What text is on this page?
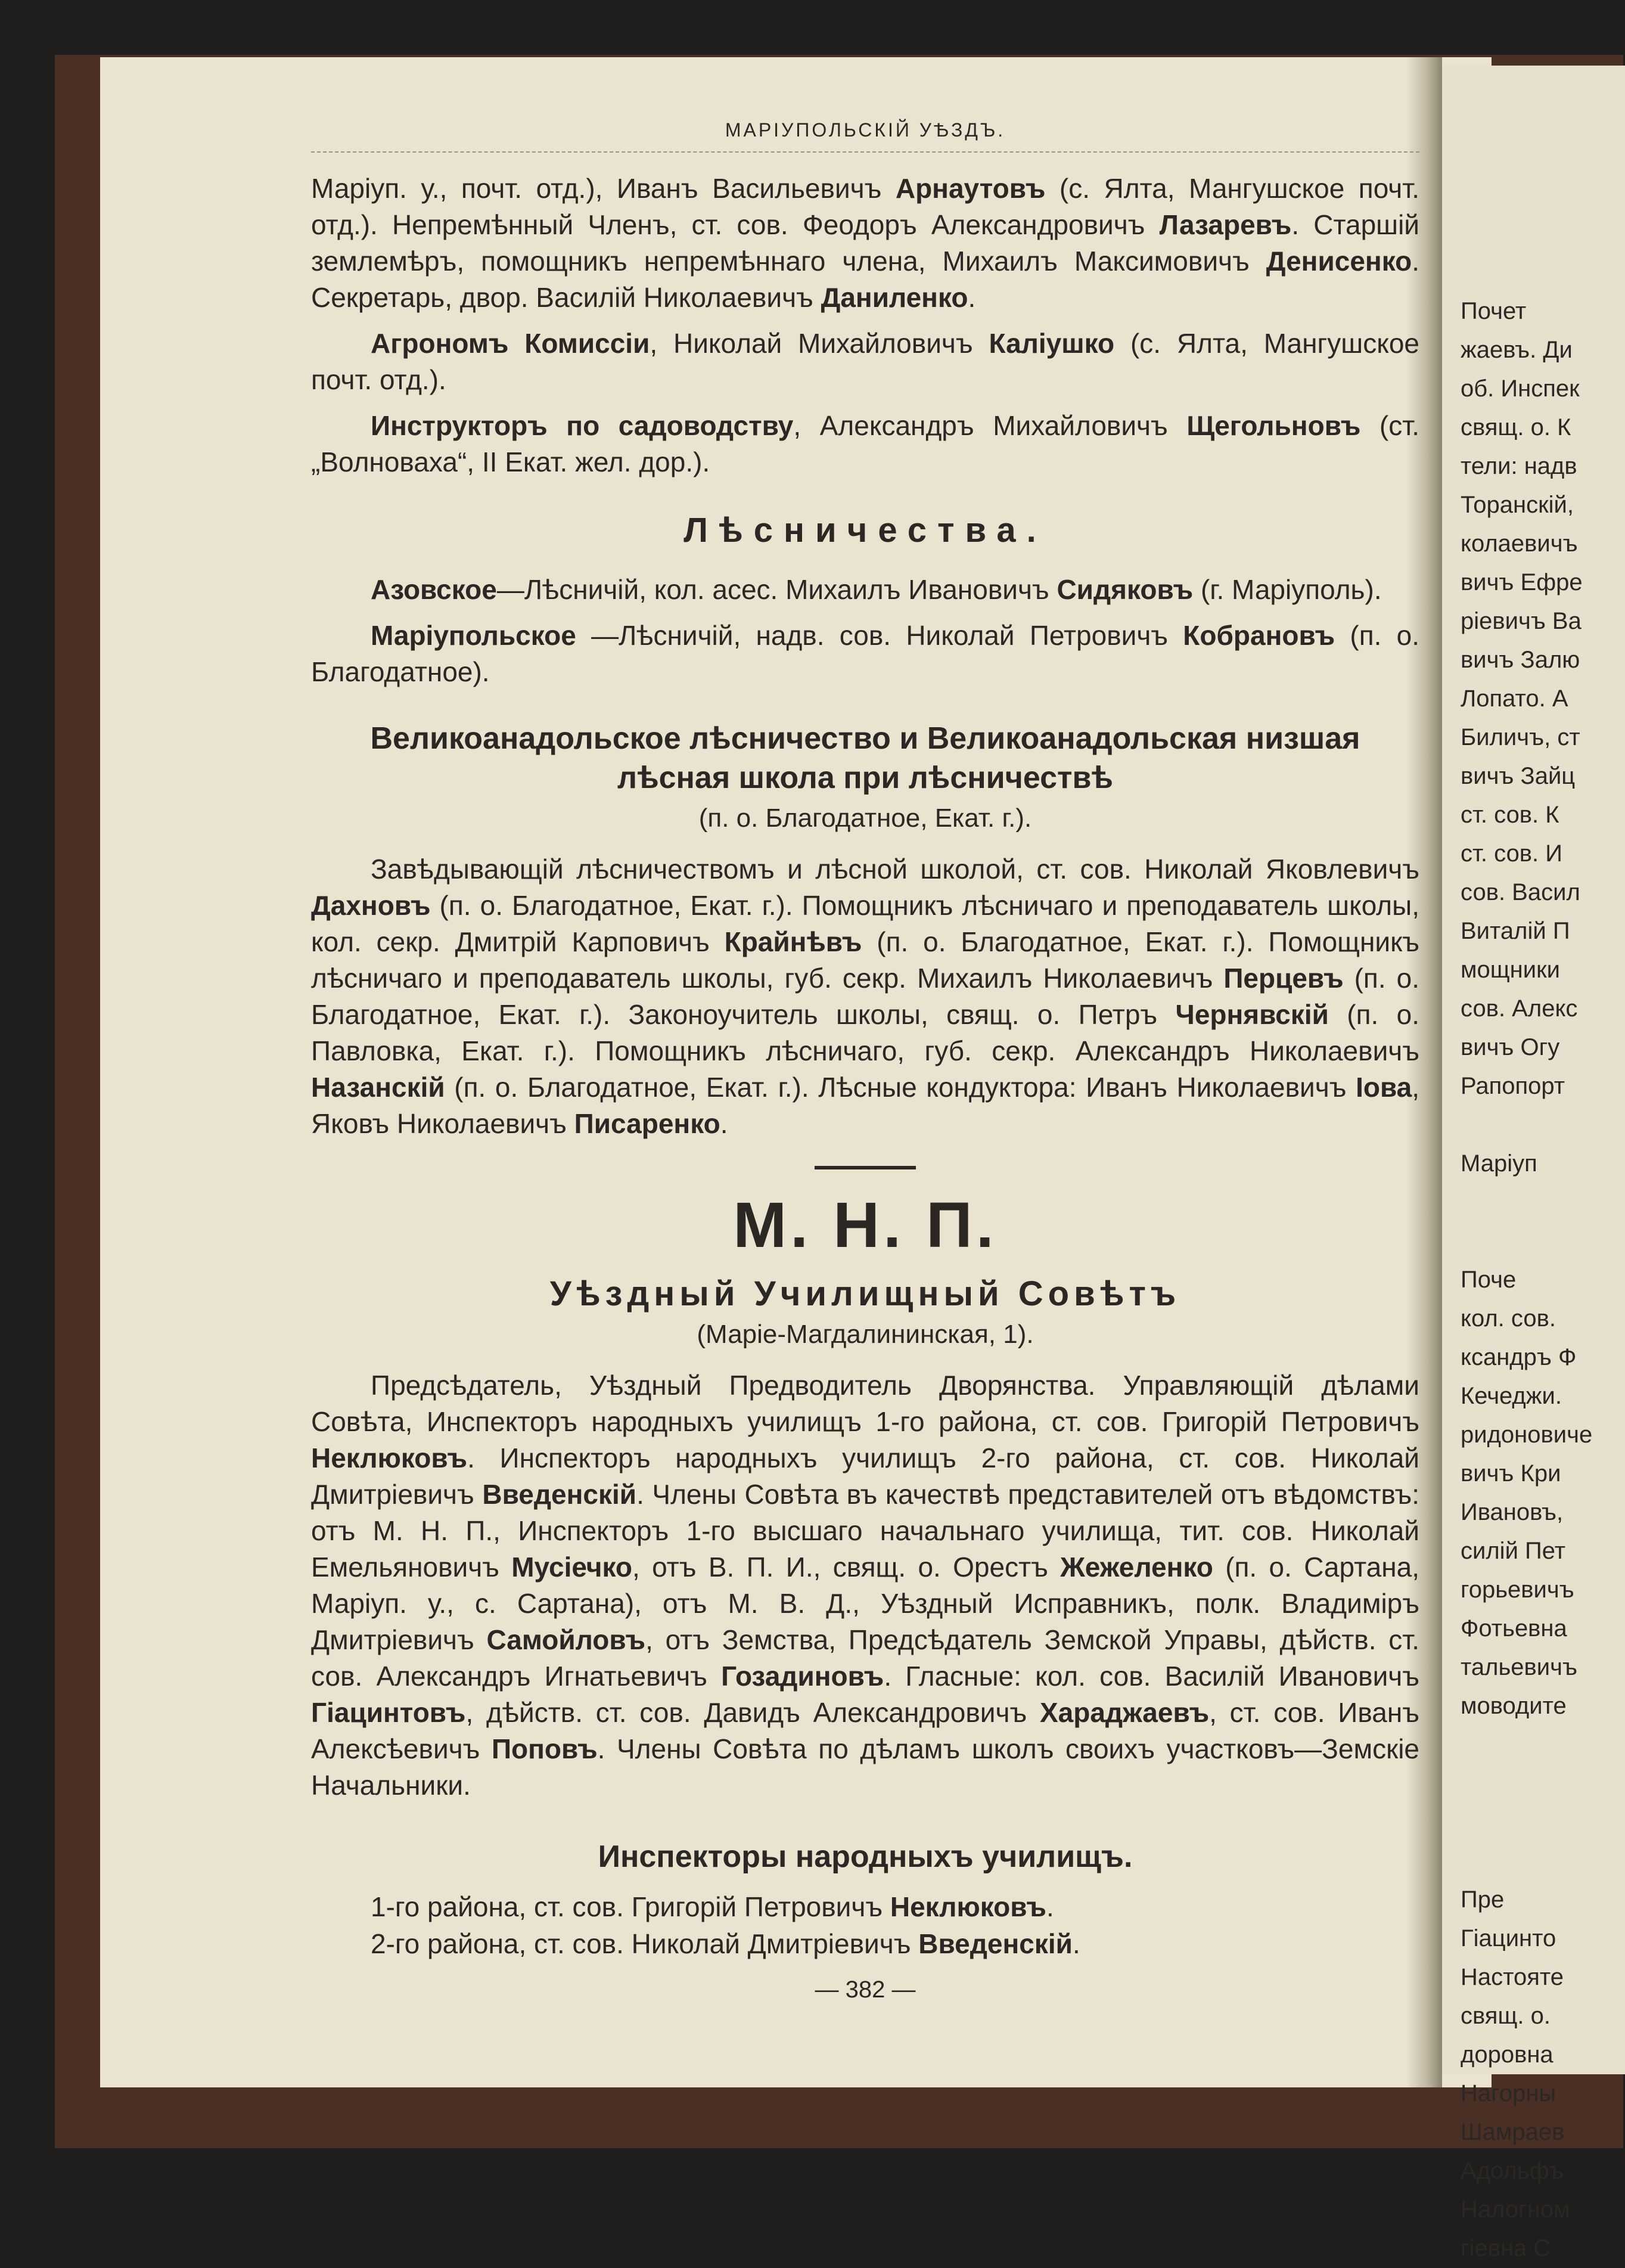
Почет
жаевъ. Ди
об. Инспек
свящ. о. К
тели: надв
Торанскій,
колаевичъ
вичъ Ефре
ріевичъ Ва
вичъ Залю
Лопато. А
Биличъ, ст
вичъ Зайц
ст. сов. К
ст. сов. И
сов. Васил
Виталій П
мощники
сов. Алекс
вичъ Огу
Рапопорт

Маріуп

Поче
кол. сов.
ксандръ Ф
Кечеджи.
ридоновиче
вичъ Кри
Ивановъ,
силій Пет
горьевичъ
Фотьевна
тальевичъ
моводите

Пре
Гіацинто
Настояте
свящ. о.
доровна
Нагорны
Шамраев
Адольфъ
Налогном
гіевна С
МАРІУПОЛЬСКІЙ УѢЗДЪ.

Маріуп. у., почт. отд.), Иванъ Васильевичъ Арнаутовъ (с. Ялта, Мангушское почт. отд.). Непремѣнный Членъ, ст. сов. Феодоръ Александровичъ Лазаревъ. Старшій землемѣръ, помощникъ непремѣннаго члена, Михаилъ Максимовичъ Денисенко. Секретарь, двор. Василій Николаевичъ Даниленко.

Агрономъ Комиссіи, Николай Михайловичъ Каліушко (с. Ялта, Мангушское почт. отд.).

Инструкторъ по садоводству, Александръ Михайловичъ Щегольновъ (ст. „Волноваха“, II Екат. жел. дор.).

Лѣсничества.

Азовское—Лѣсничій, кол. асес. Михаилъ Ивановичъ Сидяковъ (г. Маріуполь).

Маріупольское —Лѣсничій, надв. сов. Николай Петровичъ Кобрановъ (п. о. Благодатное).

Великоанадольское лѣсничество и Великоанадольская низшая лѣсная школа при лѣсничествѣ
(п. о. Благодатное, Екат. г.).

Завѣдывающій лѣсничествомъ и лѣсной школой, ст. сов. Николай Яковлевичъ Дахновъ (п. о. Благодатное, Екат. г.). Помощникъ лѣсничаго и преподаватель школы, кол. секр. Дмитрій Карповичъ Крайнѣвъ (п. о. Благодатное, Екат. г.). Помощникъ лѣсничаго и преподаватель школы, губ. секр. Михаилъ Николаевичъ Перцевъ (п. о. Благодатное, Екат. г.). Законоучитель школы, свящ. о. Петръ Чернявскій (п. о. Павловка, Екат. г.). Помощникъ лѣсничаго, губ. секр. Александръ Николаевичъ Назанскій (п. о. Благодатное, Екат. г.). Лѣсные кондуктора: Иванъ Николаевичъ Іова, Яковъ Николаевичъ Писаренко.

М. Н. П.
Уѣздный Училищный Совѣтъ
(Маріе-Магдалининская, 1).

Предсѣдатель, Уѣздный Предводитель Дворянства. Управляющій дѣлами Совѣта, Инспекторъ народныхъ училищъ 1-го района, ст. сов. Григорій Петровичъ Неклюковъ. Инспекторъ народныхъ училищъ 2-го района, ст. сов. Николай Дмитріевичъ Введенскій. Члены Совѣта въ качествѣ представителей отъ вѣдомствъ: отъ М. Н. П., Инспекторъ 1-го высшаго начальнаго училища, тит. сов. Николай Емельяновичъ Мусіечко, отъ В. П. И., свящ. о. Орестъ Жежеленко (п. о. Сартана, Маріуп. у., с. Сартана), отъ М. В. Д., Уѣздный Исправникъ, полк. Владиміръ Дмитріевичъ Самойловъ, отъ Земства, Предсѣдатель Земской Управы, дѣйств. ст. сов. Александръ Игнатьевичъ Гозадиновъ. Гласные: кол. сов. Василій Ивановичъ Гіацинтовъ, дѣйств. ст. сов. Давидъ Александровичъ Хараджаевъ, ст. сов. Иванъ Алексѣевичъ Поповъ. Члены Совѣта по дѣламъ школъ своихъ участковъ—Земскіе Начальники.

Инспекторы народныхъ училищъ.
1-го района, ст. сов. Григорій Петровичъ Неклюковъ.
2-го района, ст. сов. Николай Дмитріевичъ Введенскій.
— 382 —
